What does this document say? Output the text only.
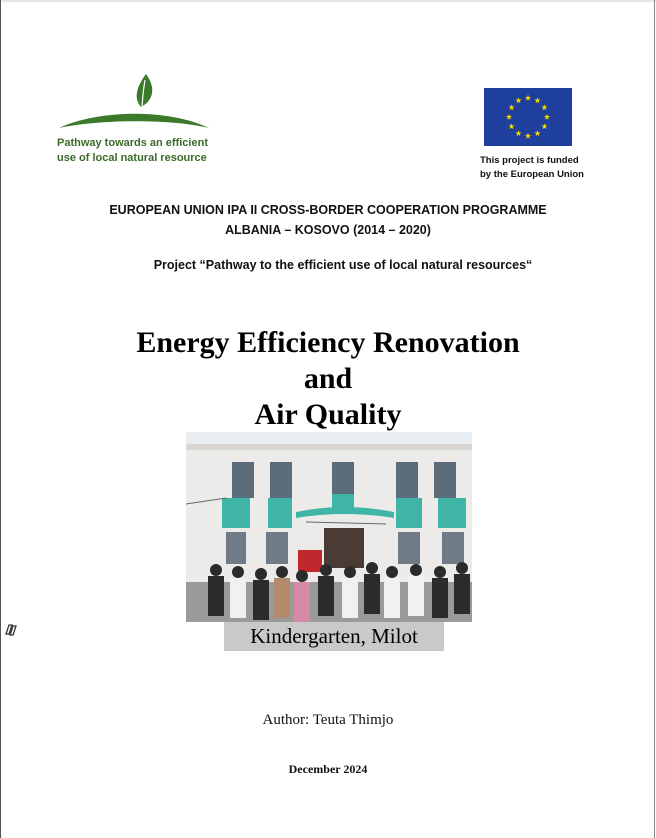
Pathway towards an efficient
use of local natural resource	This project is funded
by the European Union
EUROPEAN UNION IPA II CROSS-BORDER COOPERATION PROGRAMME
ALBANIA – KOSOVO (2014 – 2020)
Project “Pathway to the efficient use of local natural resources“
Energy Efficiency Renovation
and
Air Quality
Kindergarten, Milot
Author: Teuta Thimjo
December 2024
